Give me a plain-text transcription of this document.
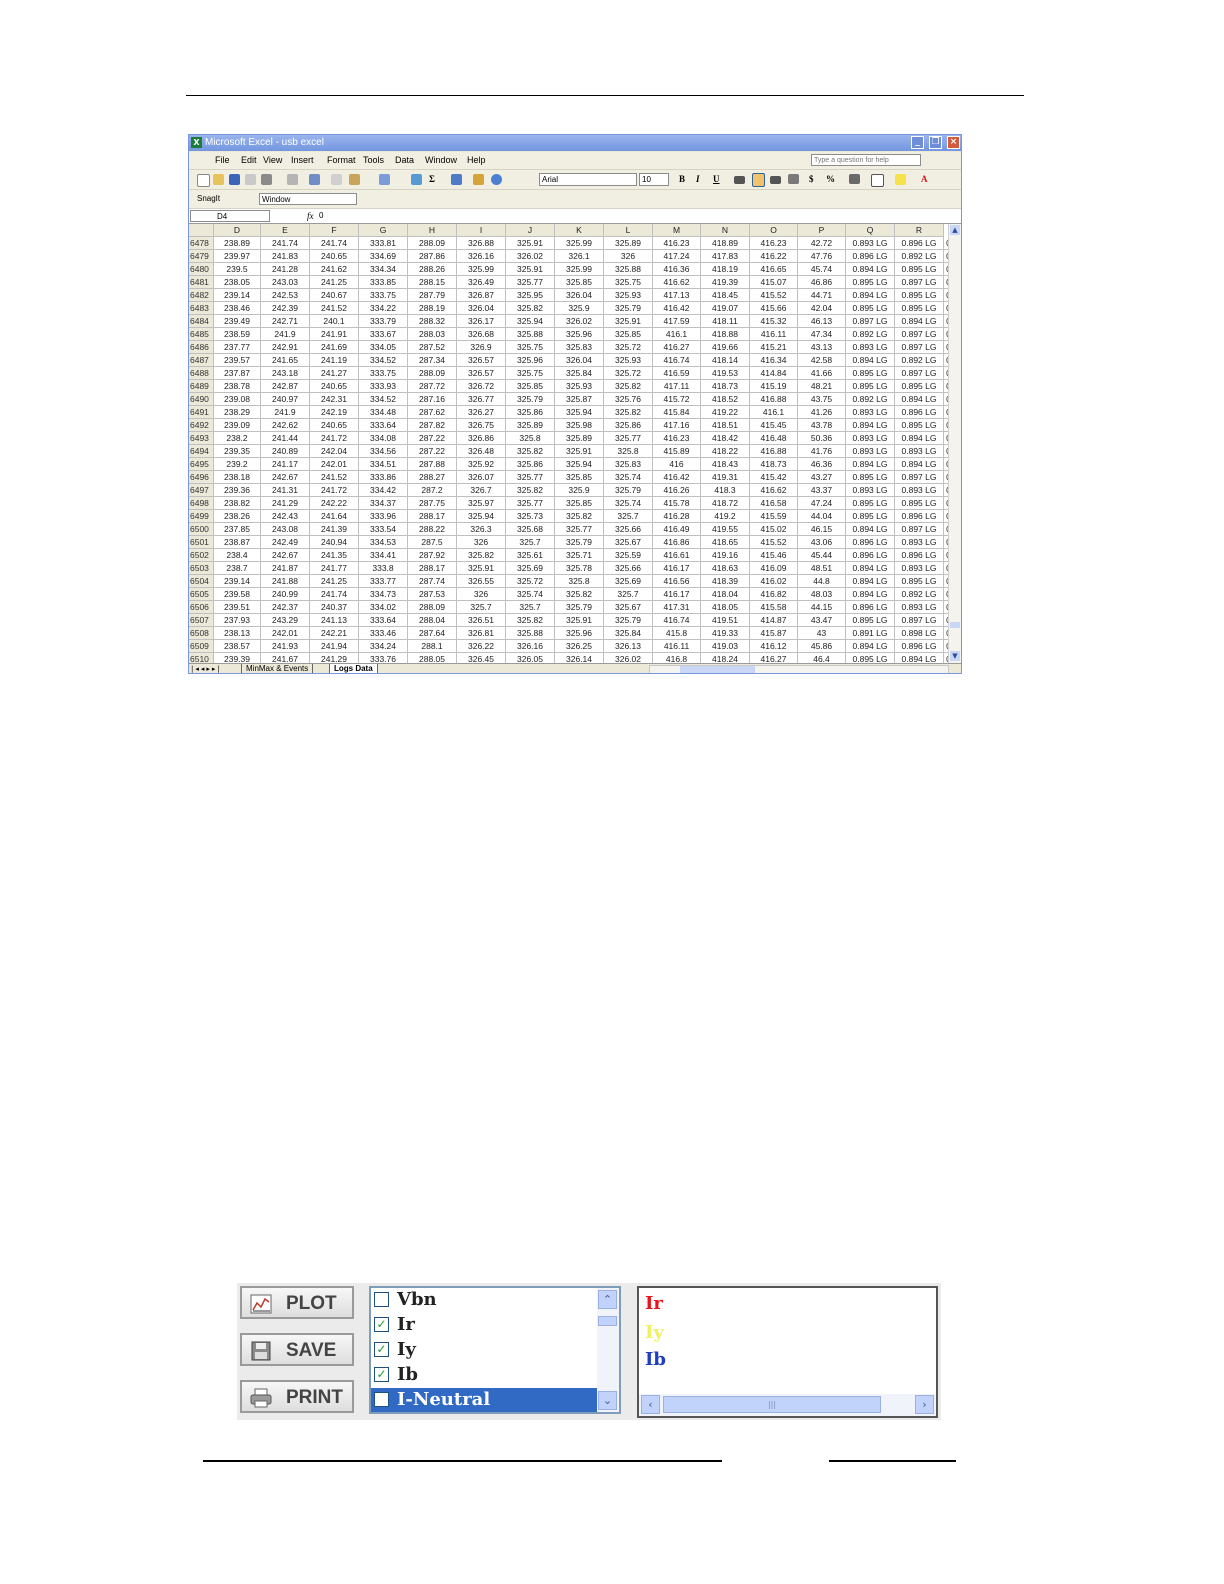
X Microsoft Excel - usb excel	_	❐	×
Type a question for help
File Edit View Insert Format Tools Data Window Help
Σ	Arial	10	B I U	$ %	A
SnagIt	Window
D4	fx 0
D	E	F	G	H	I	J	K	L	M	N	O	P	Q	R
6478	238.89	241.74	241.74	333.81	288.09	326.88	325.91	325.99	325.89	416.23	418.89	416.23	42.72	0.893 LG	0.896 LG
6479	239.97	241.83	240.65	334.69	287.86	326.16	326.02	326.1	326	417.24	417.83	416.22	47.76	0.896 LG	0.892 LG
6480	239.5	241.28	241.62	334.34	288.26	325.99	325.91	325.99	325.88	416.36	418.19	416.65	45.74	0.894 LG	0.895 LG
6481	238.05	243.03	241.25	333.85	288.15	326.49	325.77	325.85	325.75	416.62	419.39	415.07	46.86	0.895 LG	0.897 LG
6482	239.14	242.53	240.67	333.75	287.79	326.87	325.95	326.04	325.93	417.13	418.45	415.52	44.71	0.894 LG	0.895 LG
6483	238.46	242.39	241.52	334.22	288.19	326.04	325.82	325.9	325.79	416.42	419.07	415.66	42.04	0.895 LG	0.895 LG
6484	239.49	242.71	240.1	333.79	288.32	326.17	325.94	326.02	325.91	417.59	418.11	415.32	46.13	0.897 LG	0.894 LG
6485	238.59	241.9	241.91	333.67	288.03	326.68	325.88	325.96	325.85	416.1	418.88	416.11	47.34	0.892 LG	0.897 LG
6486	237.77	242.91	241.69	334.05	287.52	326.9	325.75	325.83	325.72	416.27	419.66	415.21	43.13	0.893 LG	0.897 LG
6487	239.57	241.65	241.19	334.52	287.34	326.57	325.96	326.04	325.93	416.74	418.14	416.34	42.58	0.894 LG	0.892 LG
6488	237.87	243.18	241.27	333.75	288.09	326.57	325.75	325.84	325.72	416.59	419.53	414.84	41.66	0.895 LG	0.897 LG
6489	238.78	242.87	240.65	333.93	287.72	326.72	325.85	325.93	325.82	417.11	418.73	415.19	48.21	0.895 LG	0.895 LG
6490	239.08	240.97	242.31	334.52	287.16	326.77	325.79	325.87	325.76	415.72	418.52	416.88	43.75	0.892 LG	0.894 LG
6491	238.29	241.9	242.19	334.48	287.62	326.27	325.86	325.94	325.82	415.84	419.22	416.1	41.26	0.893 LG	0.896 LG
6492	239.09	242.62	240.65	333.64	287.82	326.75	325.89	325.98	325.86	417.16	418.51	415.45	43.78	0.894 LG	0.895 LG
6493	238.2	241.44	241.72	334.08	287.22	326.86	325.8	325.89	325.77	416.23	418.42	416.48	50.36	0.893 LG	0.894 LG
6494	239.35	240.89	242.04	334.56	287.22	326.48	325.82	325.91	325.8	415.89	418.22	416.88	41.76	0.893 LG	0.893 LG
6495	239.2	241.17	242.01	334.51	287.88	325.92	325.86	325.94	325.83	416	418.43	418.73	46.36	0.894 LG	0.894 LG
6496	238.18	242.67	241.52	333.86	288.27	326.07	325.77	325.85	325.74	416.42	419.31	415.42	43.27	0.895 LG	0.897 LG
6497	239.36	241.31	241.72	334.42	287.2	326.7	325.82	325.9	325.79	416.26	418.3	416.62	43.37	0.893 LG	0.893 LG
6498	238.82	241.29	242.22	334.37	287.75	325.97	325.77	325.85	325.74	415.78	418.72	416.58	47.24	0.895 LG	0.895 LG
6499	238.26	242.43	241.64	333.96	288.17	325.94	325.73	325.82	325.7	416.28	419.2	415.59	44.04	0.895 LG	0.896 LG
6500	237.85	243.08	241.39	333.54	288.22	326.3	325.68	325.77	325.66	416.49	419.55	415.02	46.15	0.894 LG	0.897 LG
6501	238.87	242.49	240.94	334.53	287.5	326	325.7	325.79	325.67	416.86	418.65	415.52	43.06	0.896 LG	0.893 LG
6502	238.4	242.67	241.35	334.41	287.92	325.82	325.61	325.71	325.59	416.61	419.16	415.46	45.44	0.896 LG	0.896 LG
6503	238.7	241.87	241.77	333.8	288.17	325.91	325.69	325.78	325.66	416.17	418.63	416.09	48.51	0.894 LG	0.893 LG
6504	239.14	241.88	241.25	333.77	287.74	326.55	325.72	325.8	325.69	416.56	418.39	416.02	44.8	0.894 LG	0.895 LG
6505	239.58	240.99	241.74	334.73	287.53	326	325.74	325.82	325.7	416.17	418.04	416.82	48.03	0.894 LG	0.892 LG
6506	239.51	242.37	240.37	334.02	288.09	325.7	325.7	325.79	325.67	417.31	418.05	415.58	44.15	0.896 LG	0.893 LG
6507	237.93	243.29	241.13	333.64	288.04	326.51	325.82	325.91	325.79	416.74	419.51	414.87	43.47	0.895 LG	0.897 LG
6508	238.13	242.01	242.21	333.46	287.64	326.81	325.88	325.96	325.84	415.8	419.33	415.87	43	0.891 LG	0.898 LG
6509	238.57	241.93	241.94	334.24	288.1	326.22	326.16	326.25	326.13	416.11	419.03	416.12	45.86	0.894 LG	0.896 LG
6510	239.39	241.67	241.29	333.76	288.05	326.45	326.05	326.14	326.02	416.8	418.24	416.27	46.4	0.895 LG	0.894 LG
▲
▼
|◂◂▸▸|	MinMax & Events	Logs Data
PLOT
SAVE
PRINT
Vbn
✓ Ir
✓ Iy
✓ Ib
I-Neutral
⌃
⌄
Ir
Iy
Ib
‹	|||	›
